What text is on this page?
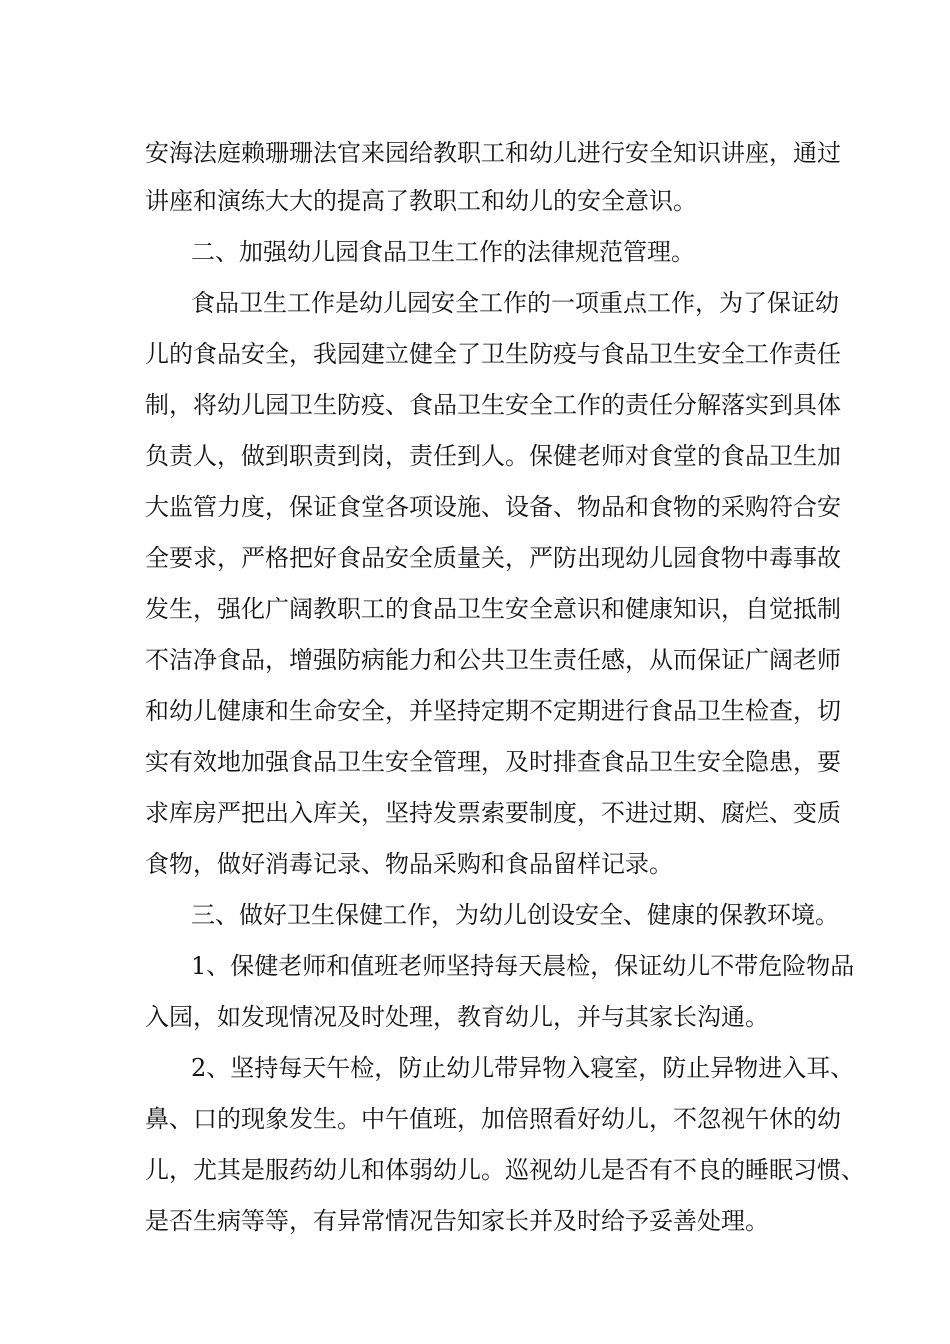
安海法庭赖珊珊法官来园给教职工和幼儿进行安全知识讲座，通过
讲座和演练大大的提高了教职工和幼儿的安全意识。
二、加强幼儿园食品卫生工作的法律规范管理。
食品卫生工作是幼儿园安全工作的一项重点工作，为了保证幼
儿的食品安全，我园建立健全了卫生防疫与食品卫生安全工作责任
制，将幼儿园卫生防疫、食品卫生安全工作的责任分解落实到具体
负责人，做到职责到岗，责任到人。保健老师对食堂的食品卫生加
大监管力度，保证食堂各项设施、设备、物品和食物的采购符合安
全要求，严格把好食品安全质量关，严防出现幼儿园食物中毒事故
发生，强化广阔教职工的食品卫生安全意识和健康知识，自觉抵制
不洁净食品，增强防病能力和公共卫生责任感，从而保证广阔老师
和幼儿健康和生命安全，并坚持定期不定期进行食品卫生检查，切
实有效地加强食品卫生安全管理，及时排查食品卫生安全隐患，要
求库房严把出入库关，坚持发票索要制度，不进过期、腐烂、变质
食物，做好消毒记录、物品采购和食品留样记录。
三、做好卫生保健工作，为幼儿创设安全、健康的保教环境。
1、保健老师和值班老师坚持每天晨检，保证幼儿不带危险物品
入园，如发现情况及时处理，教育幼儿，并与其家长沟通。
2、坚持每天午检，防止幼儿带异物入寝室，防止异物进入耳、
鼻、口的现象发生。中午值班，加倍照看好幼儿，不忽视午休的幼
儿，尤其是服药幼儿和体弱幼儿。巡视幼儿是否有不良的睡眠习惯、
是否生病等等，有异常情况告知家长并及时给予妥善处理。
